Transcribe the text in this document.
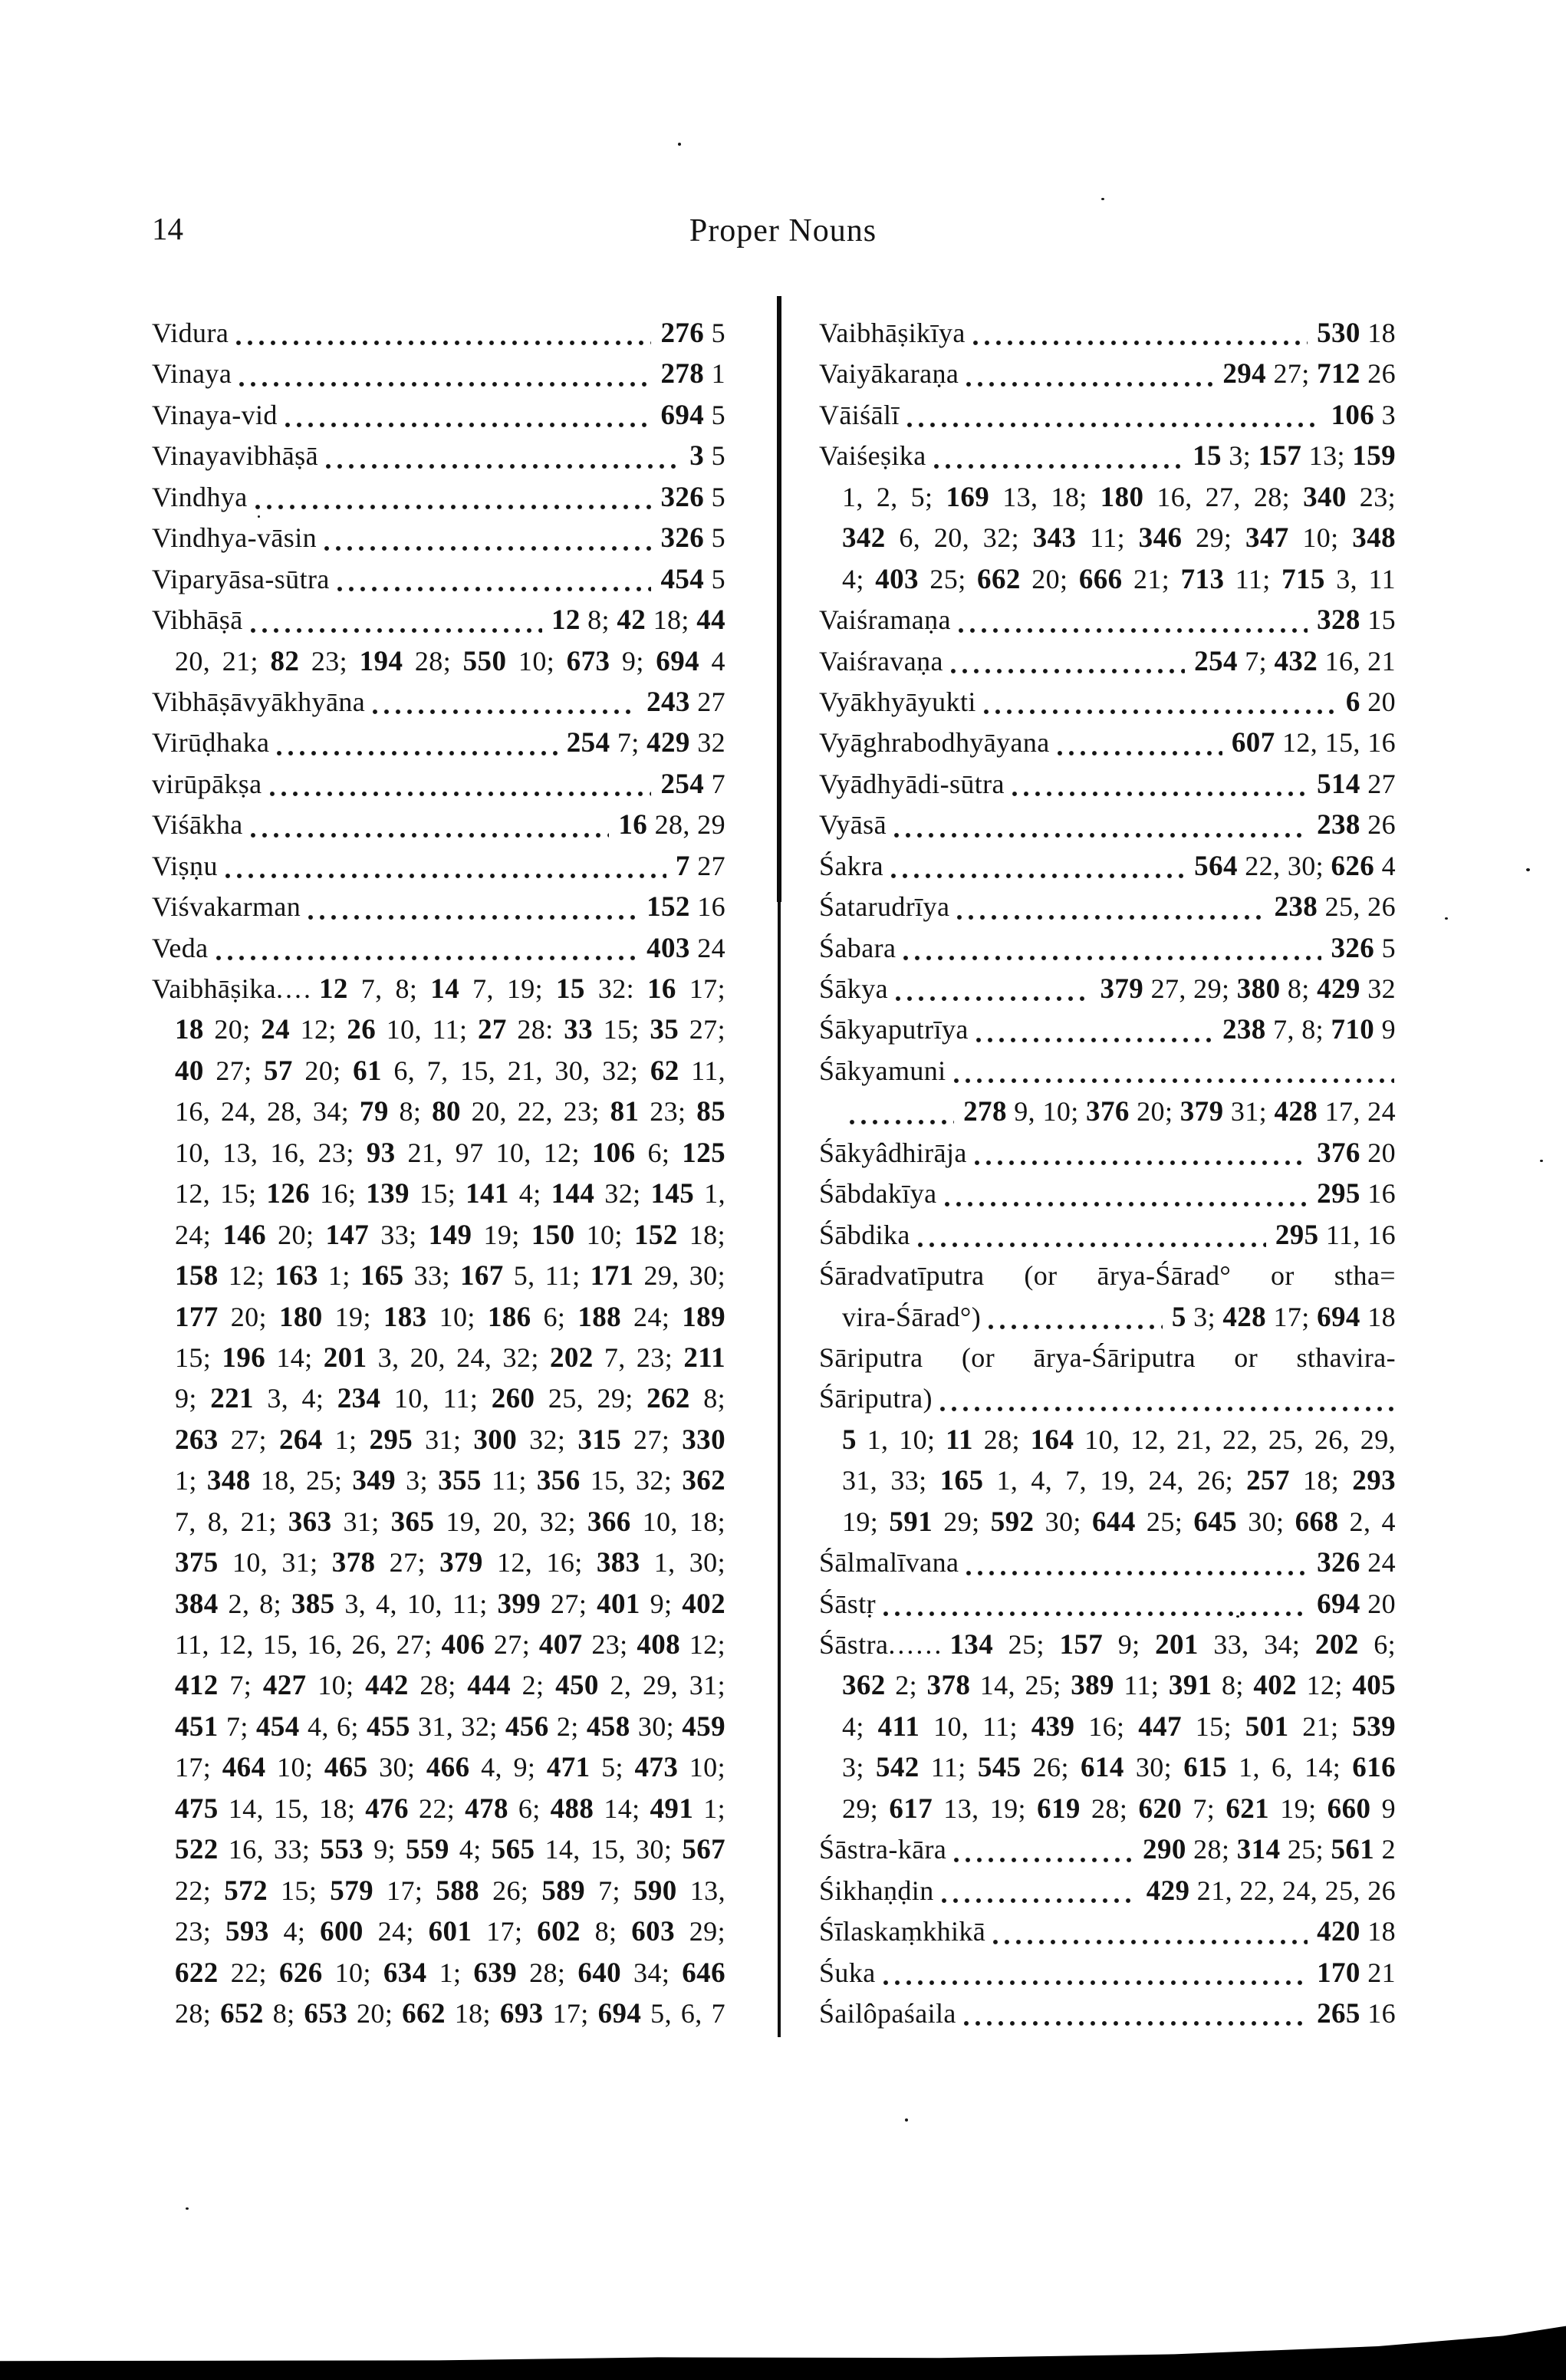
14	Proper Nouns
Vidura	276 5
Vinaya	278 1
Vinaya-vid	694 5
Vinayavibhāṣā	3 5
Vindhya	326 5
Vindhya-vāsin	326 5
Viparyāsa-sūtra	454 5
Vibhāṣā	12 8; 42 18; 44
20, 21; 82 23; 194 28; 550 10; 673 9; 694 4
Vibhāṣāvyākhyāna	243 27
Virūḍhaka	254 7; 429 32
virūpākṣa	254 7
Viśākha	16 28, 29
Viṣṇu	7 27
Viśvakarman	152 16
Veda	403 24
Vaibhāṣika .... 12 7, 8; 14 7, 19; 15 32: 16 17;
18 20; 24 12; 26 10, 11; 27 28: 33 15; 35 27;
40 27; 57 20; 61 6, 7, 15, 21, 30, 32; 62 11,
16, 24, 28, 34; 79 8; 80 20, 22, 23; 81 23; 85
10, 13, 16, 23; 93 21, 97 10, 12; 106 6; 125
12, 15; 126 16; 139 15; 141 4; 144 32; 145 1,
24; 146 20; 147 33; 149 19; 150 10; 152 18;
158 12; 163 1; 165 33; 167 5, 11; 171 29, 30;
177 20; 180 19; 183 10; 186 6; 188 24; 189
15; 196 14; 201 3, 20, 24, 32; 202 7, 23; 211
9; 221 3, 4; 234 10, 11; 260 25, 29; 262 8;
263 27; 264 1; 295 31; 300 32; 315 27; 330
1; 348 18, 25; 349 3; 355 11; 356 15, 32; 362
7, 8, 21; 363 31; 365 19, 20, 32; 366 10, 18;
375 10, 31; 378 27; 379 12, 16; 383 1, 30;
384 2, 8; 385 3, 4, 10, 11; 399 27; 401 9; 402
11, 12, 15, 16, 26, 27; 406 27; 407 23; 408 12;
412 7; 427 10; 442 28; 444 2; 450 2, 29, 31;
451 7; 454 4, 6; 455 31, 32; 456 2; 458 30; 459
17; 464 10; 465 30; 466 4, 9; 471 5; 473 10;
475 14, 15, 18; 476 22; 478 6; 488 14; 491 1;
522 16, 33; 553 9; 559 4; 565 14, 15, 30; 567
22; 572 15; 579 17; 588 26; 589 7; 590 13,
23; 593 4; 600 24; 601 17; 602 8; 603 29;
622 22; 626 10; 634 1; 639 28; 640 34; 646
28; 652 8; 653 20; 662 18; 693 17; 694 5, 6, 7
Vaibhāṣikīya	530 18
Vaiyākaraṇa	294 27; 712 26
Vāiśālī	106 3
Vaiśeṣika	15 3; 157 13; 159
1, 2, 5; 169 13, 18; 180 16, 27, 28; 340 23;
342 6, 20, 32; 343 11; 346 29; 347 10; 348
4; 403 25; 662 20; 666 21; 713 11; 715 3, 11
Vaiśramaṇa	328 15
Vaiśravaṇa	254 7; 432 16, 21
Vyākhyāyukti	6 20
Vyāghrabodhyāyana	607 12, 15, 16
Vyādhyādi-sūtra	514 27
Vyāsā	238 26
Śakra	564 22, 30; 626 4
Śatarudrīya	238 25, 26
Śabara	326 5
Śākya	379 27, 29; 380 8; 429 32
Śākyaputrīya	238 7, 8; 710 9
Śākyamuni
278 9, 10; 376 20; 379 31; 428 17, 24
Śākyâdhirāja	376 20
Śābdakīya	295 16
Śābdika	295 11, 16
Śāradvatīputra (or ārya-Śārad° or stha=
vira-Śārad°)	5 3; 428 17; 694 18
Sāriputra (or ārya-Śāriputra or sthavira-
Śāriputra)
5 1, 10; 11 28; 164 10, 12, 21, 22, 25, 26, 29,
31, 33; 165 1, 4, 7, 19, 24, 26; 257 18; 293
19; 591 29; 592 30; 644 25; 645 30; 668 2, 4
Śālmalīvana	326 24
Śāstṛ	694 20
Śāstra ...... 134 25; 157 9; 201 33, 34; 202 6;
362 2; 378 14, 25; 389 11; 391 8; 402 12; 405
4; 411 10, 11; 439 16; 447 15; 501 21; 539
3; 542 11; 545 26; 614 30; 615 1, 6, 14; 616
29; 617 13, 19; 619 28; 620 7; 621 19; 660 9
Śāstra-kāra	290 28; 314 25; 561 2
Śikhaṇḍin	429 21, 22, 24, 25, 26
Śīlaskaṃkhikā	420 18
Śuka	170 21
Śailôpaśaila	265 16
